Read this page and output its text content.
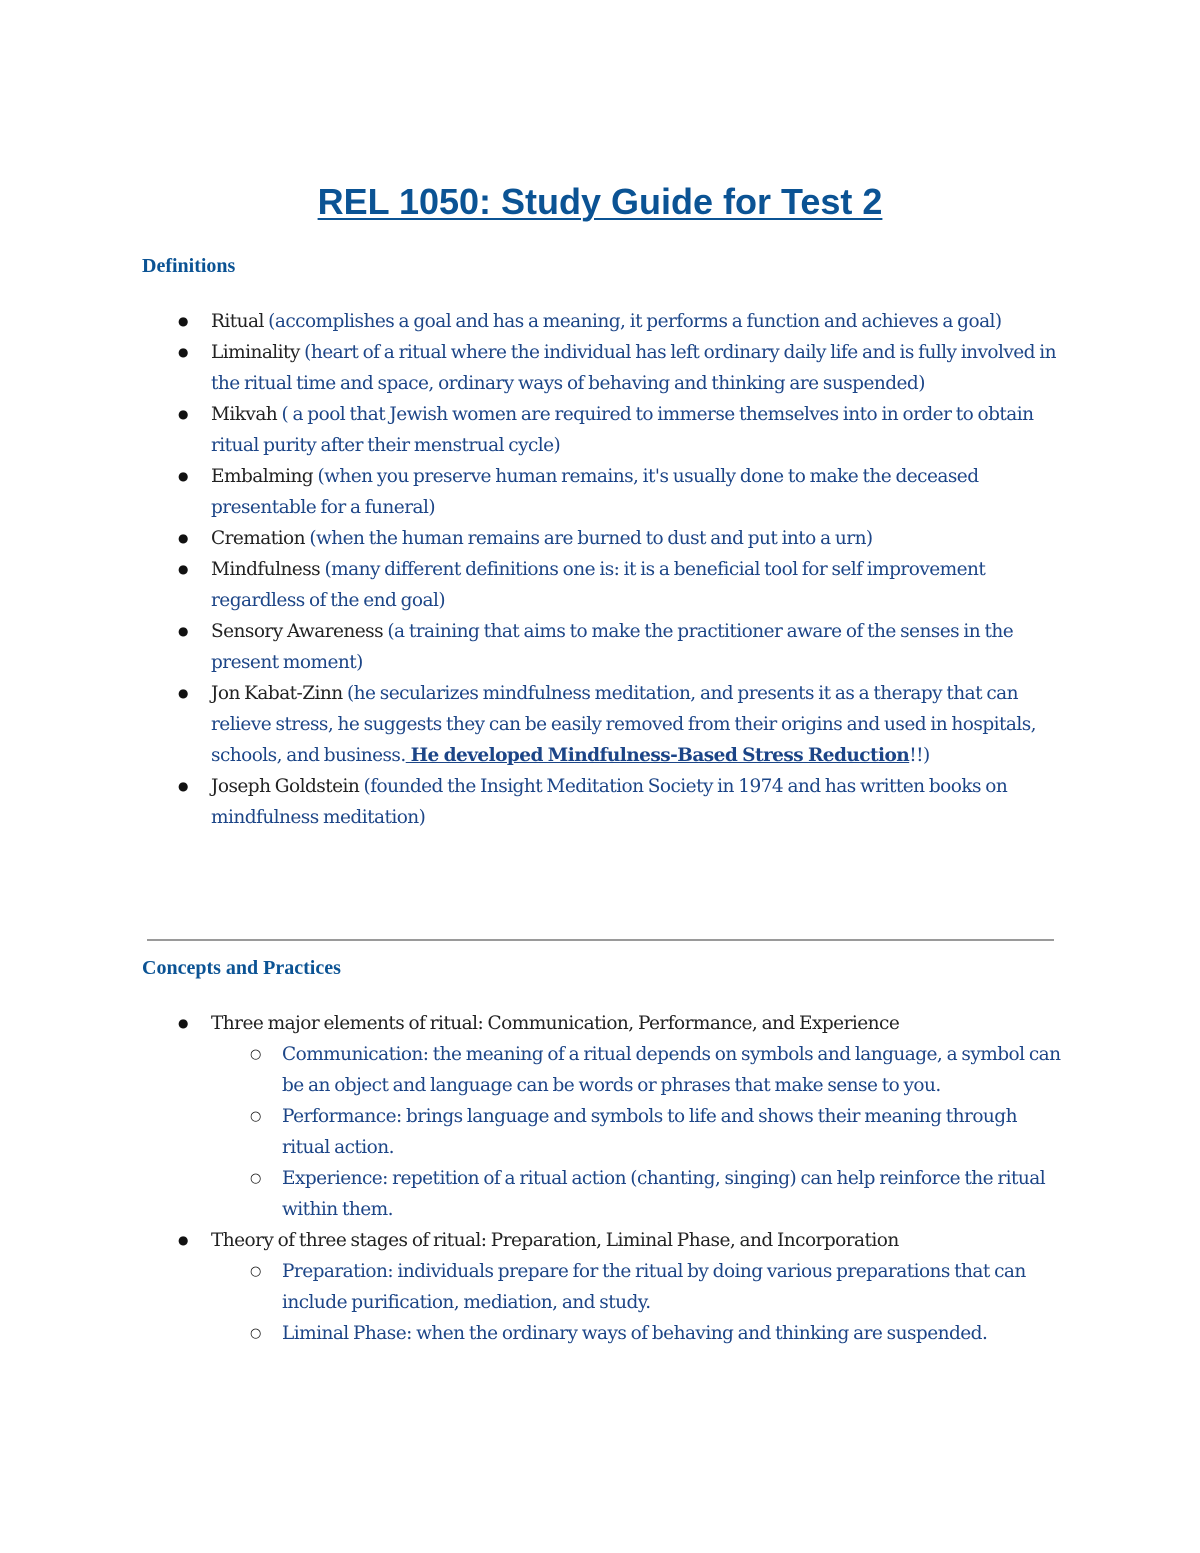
REL 1050: Study Guide for Test 2
Definitions
● Ritual (accomplishes a goal and has a meaning, it performs a function and achieves a goal)
● Liminality (heart of a ritual where the individual has left ordinary daily life and is fully involved in the ritual time and space, ordinary ways of behaving and thinking are suspended)
● Mikvah ( a pool that Jewish women are required to immerse themselves into in order to obtain ritual purity after their menstrual cycle)
● Embalming (when you preserve human remains, it's usually done to make the deceased presentable for a funeral)
● Cremation (when the human remains are burned to dust and put into a urn)
● Mindfulness (many different definitions one is: it is a beneficial tool for self improvement regardless of the end goal)
● Sensory Awareness (a training that aims to make the practitioner aware of the senses in the present moment)
● Jon Kabat-Zinn (he secularizes mindfulness meditation, and presents it as a therapy that can relieve stress, he suggests they can be easily removed from their origins and used in hospitals, schools, and business. He developed Mindfulness-Based Stress Reduction!!)
● Joseph Goldstein (founded the Insight Meditation Society in 1974 and has written books on mindfulness meditation)
Concepts and Practices
● Three major elements of ritual: Communication, Performance, and Experience
○ Communication: the meaning of a ritual depends on symbols and language, a symbol can be an object and language can be words or phrases that make sense to you.
○ Performance: brings language and symbols to life and shows their meaning through ritual action.
○ Experience: repetition of a ritual action (chanting, singing) can help reinforce the ritual within them.
● Theory of three stages of ritual: Preparation, Liminal Phase, and Incorporation
○ Preparation: individuals prepare for the ritual by doing various preparations that can include purification, mediation, and study.
○ Liminal Phase: when the ordinary ways of behaving and thinking are suspended.
